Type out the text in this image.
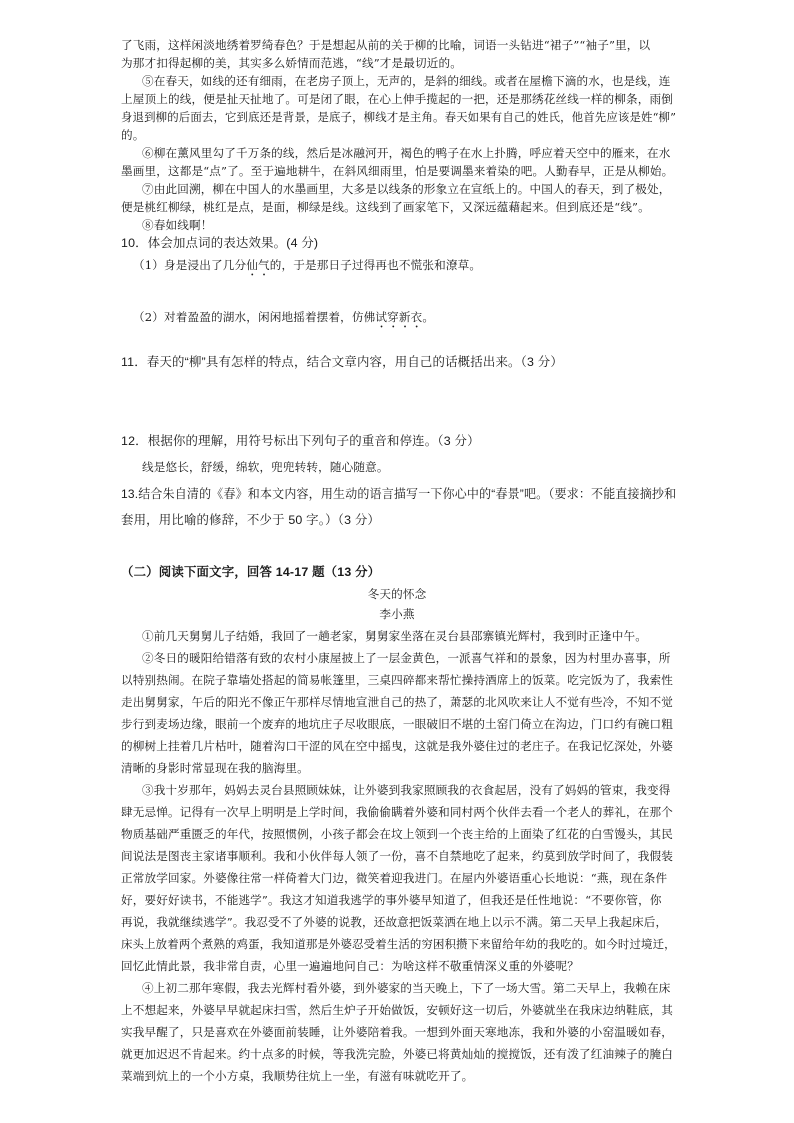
了飞雨，这样闲淡地绣着罗绮春色？于是想起从前的关于柳的比喻，词语一头钻进“裙子”“袖子”里，以
为那才扣得起柳的美，其实多么娇情而范逃，“线”才是最切近的。
⑤在春天，如线的还有细雨，在老房子顶上，无声的，是斜的细线。或者在屋檐下滴的水，也是线，连
上屋顶上的线，便是扯天扯地了。可是闭了眼，在心上伸手揽起的一把，还是那绣花丝线一样的柳条，雨倒
身退到柳的后面去，它到底还是背景，是底子，柳线才是主角。春天如果有自己的姓氏，他首先应该是姓“柳”
的。
⑥柳在薰风里勾了千万条的线，然后是冰融河开，褐色的鸭子在水上扑腾，呼应着天空中的雁来，在水
墨画里，这都是“点”了。至于遍地耕牛，在斜风细雨里，怕是要调墨来着染的吧。人勤春早，正是从柳始。
⑦由此回溯，柳在中国人的水墨画里，大多是以线条的形象立在宣纸上的。中国人的春天，到了极处，
便是桃红柳绿，桃红是点，是面，柳绿是线。这线到了画家笔下，又深远蕴藉起来。但到底还是“线”。
⑧春如线啊！
10．体会加点词的表达效果。(4 分)
（1）身是浸出了几分仙气的，于是那日子过得再也不慌张和潦草。
（2）对着盈盈的湖水，闲闲地摇着摆着，仿佛试穿新衣。
11．春天的“柳”具有怎样的特点，结合文章内容，用自己的话概括出来。（3 分）
12．根据你的理解，用符号标出下列句子的重音和停连。（3 分）
线是悠长，舒缓，绵软，兜兜转转，随心随意。
13.结合朱自清的《春》和本文内容，用生动的语言描写一下你心中的“春景”吧。（要求：不能直接摘抄和
套用，用比喻的修辞，不少于 50 字。）（3 分）
（二）阅读下面文字，回答 14-17 题（13 分）
冬天的怀念
李小燕
①前几天舅舅儿子结婚，我回了一趟老家，舅舅家坐落在灵台县邵寨镇光辉村，我到时正逢中午。
②冬日的暖阳给错落有致的农村小康屋披上了一层金黄色，一派喜气祥和的景象，因为村里办喜事，所
以特别热闹。在院子靠墙处搭起的简易帐篷里，三桌四碎都来帮忙操持酒席上的饭菜。吃完饭为了，我索性
走出舅舅家，午后的阳光不像正午那样尽情地宣泄自己的热了，萧瑟的北风吹来让人不觉有些冷，不知不觉
步行到麦场边缘，眼前一个废弃的地坑庄子尽收眼底，一眼破旧不堪的土窑门倚立在沟边，门口约有碗口粗
的柳树上挂着几片枯叶，随着沟口干涩的风在空中摇曳，这就是我外婆住过的老庄子。在我记忆深处，外婆
清晰的身影时常显现在我的脑海里。
③我十岁那年，妈妈去灵台县照顾妹妹，让外婆到我家照顾我的衣食起居，没有了妈妈的管束，我变得
肆无忌惮。记得有一次早上明明是上学时间，我偷偷瞒着外婆和同村两个伙伴去看一个老人的葬礼，在那个
物质基础严重匮乏的年代，按照惯例，小孩子都会在坟上领到一个丧主给的上面染了红花的白雪馒头，其民
间说法是图丧主家诸事顺利。我和小伙伴每人领了一份，喜不自禁地吃了起来，约莫到放学时间了，我假装
正常放学回家。外婆像往常一样倚着大门边，微笑着迎我进门。在屋内外婆语重心长地说：“燕，现在条件
好，要好好读书，不能逃学”。我这才知道我逃学的事外婆早知道了，但我还是任性地说：“不要你管，你
再说，我就继续逃学”。我忍受不了外婆的说教，还故意把饭菜洒在地上以示不满。第二天早上我起床后，
床头上放着两个煮熟的鸡蛋，我知道那是外婆忍受着生活的穷困积攒下来留给年幼的我吃的。如今时过境迁，
回忆此情此景，我非常自责，心里一遍遍地问自己：为啥这样不敬重情深义重的外婆呢？
④上初二那年寒假，我去光辉村看外婆，到外婆家的当天晚上，下了一场大雪。第二天早上，我赖在床
上不想起来，外婆早早就起床扫雪，然后生炉子开始做饭，安顿好这一切后，外婆就坐在我床边纳鞋底，其
实我早醒了，只是喜欢在外婆面前装睡，让外婆陪着我。一想到外面天寒地冻，我和外婆的小窑温暖如春，
就更加迟迟不肯起来。约十点多的时候，等我洗完脸，外婆已将黄灿灿的搅搅饭，还有泼了红油辣子的腌白
菜端到炕上的一个小方桌，我顺势往炕上一坐，有滋有味就吃开了。
